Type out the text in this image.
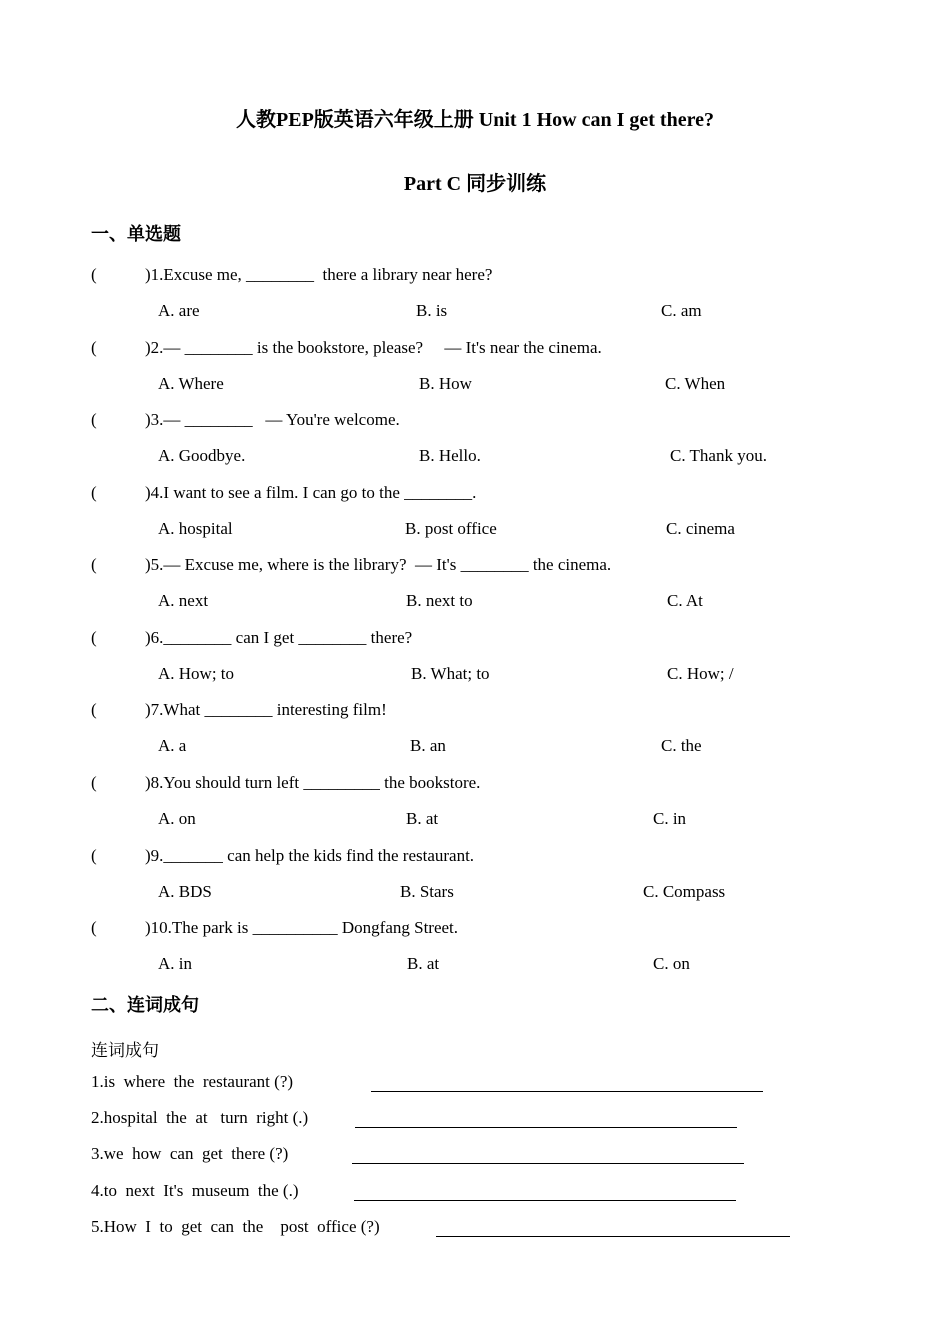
人教PEP版英语六年级上册 Unit 1 How can I get there?
Part C 同步训练
一、单选题
(	)1.Excuse me, ________  there a library near here?
A. are	B. is	C. am
(	)2.— ________ is the bookstore, please?     — It's near the cinema.
A. Where	B. How	C. When
(	)3.— ________   — You're welcome.
A. Goodbye.	B. Hello.	C. Thank you.
(	)4.I want to see a film. I can go to the ________.
A. hospital	B. post office	C. cinema
(	)5.— Excuse me, where is the library?  — It's ________ the cinema.
A. next	B. next to	C. At
(	)6.________ can I get ________ there?
A. How; to	B. What; to	C. How; /
(	)7.What ________ interesting film!
A. a	B. an	C. the
(	)8.You should turn left _________ the bookstore.
A. on	B. at	C. in
(	)9._______ can help the kids find the restaurant.
A. BDS	B. Stars	C. Compass
(	)10.The park is __________ Dongfang Street.
A. in	B. at	C. on
二、连词成句
连词成句
1.is  where  the  restaurant (?)
2.hospital  the  at   turn  right (.)
3.we  how  can  get  there (?)
4.to  next  It's  museum  the (.)
5.How  I  to  get  can  the    post  office (?)
